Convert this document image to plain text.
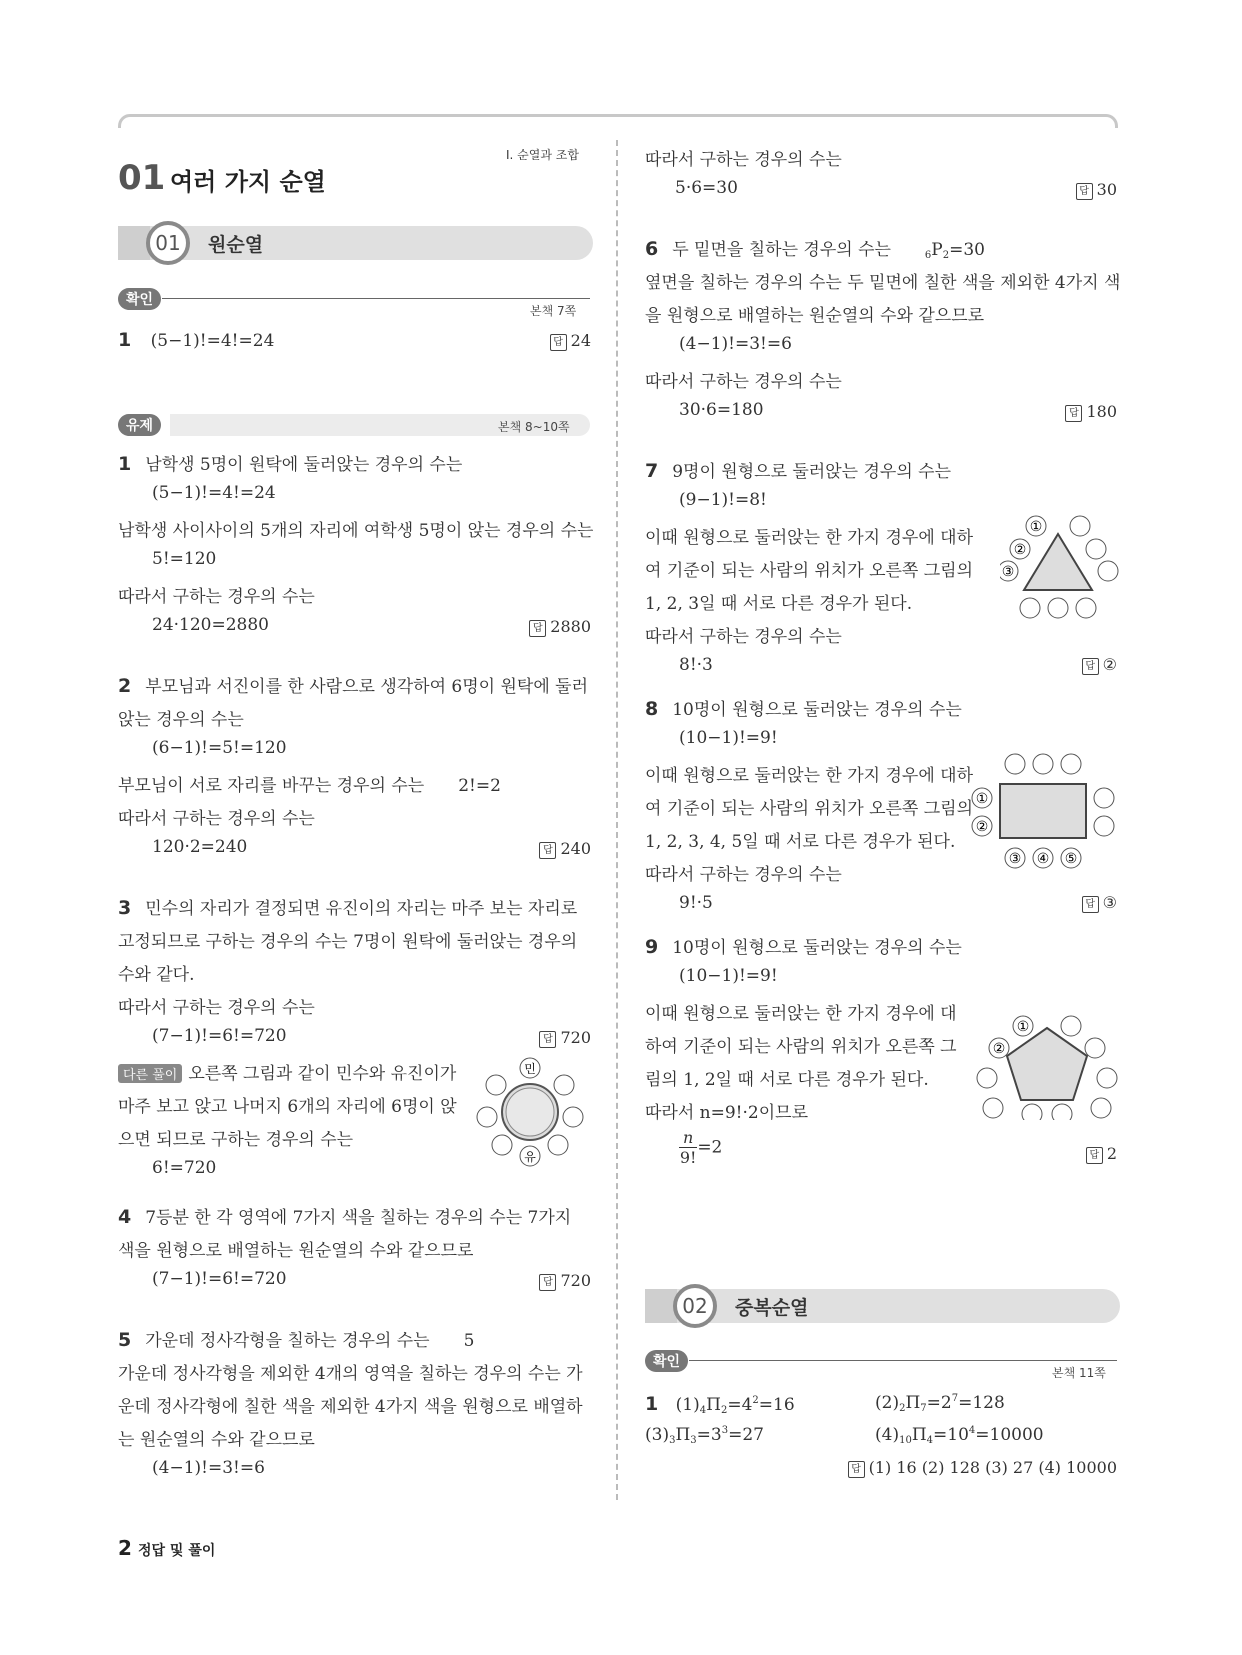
01 여러 가지 순열
I. 순열과 조합
01	원순열
확인
본책 7쪽
1 (5−1)!=4!=24	답 24
유제	본책 8~10쪽
1 남학생 5명이 원탁에 둘러앉는 경우의 수는
(5−1)!=4!=24
남학생 사이사이의 5개의 자리에 여학생 5명이 앉는 경우의 수는
5!=120
따라서 구하는 경우의 수는
24·120=2880	답 2880
2 부모님과 서진이를 한 사람으로 생각하여 6명이 원탁에 둘러
앉는 경우의 수는
(6−1)!=5!=120
부모님이 서로 자리를 바꾸는 경우의 수는 2!=2
따라서 구하는 경우의 수는
120·2=240	답 240
3 민수의 자리가 결정되면 유진이의 자리는 마주 보는 자리로
고정되므로 구하는 경우의 수는 7명이 원탁에 둘러앉는 경우의
수와 같다.
따라서 구하는 경우의 수는
(7−1)!=6!=720	답 720
다른 풀이 오른쪽 그림과 같이 민수와 유진이가
마주 보고 앉고 나머지 6개의 자리에 6명이 앉
으면 되므로 구하는 경우의 수는
6!=720
민
유
4 7등분 한 각 영역에 7가지 색을 칠하는 경우의 수는 7가지
색을 원형으로 배열하는 원순열의 수와 같으므로
(7−1)!=6!=720	답 720
5 가운데 정사각형을 칠하는 경우의 수는 5
가운데 정사각형을 제외한 4개의 영역을 칠하는 경우의 수는 가
운데 정사각형에 칠한 색을 제외한 4가지 색을 원형으로 배열하
는 원순열의 수와 같으므로
(4−1)!=3!=6
2 정답 및 풀이
따라서 구하는 경우의 수는
5·6=30	답 30
6 두 밑면을 칠하는 경우의 수는	$_6P_2=30$
옆면을 칠하는 경우의 수는 두 밑면에 칠한 색을 제외한 4가지 색
을 원형으로 배열하는 원순열의 수와 같으므로
(4−1)!=3!=6
따라서 구하는 경우의 수는
30·6=180	답 180
7 9명이 원형으로 둘러앉는 경우의 수는
(9−1)!=8!
이때 원형으로 둘러앉는 한 가지 경우에 대하
여 기준이 되는 사람의 위치가 오른쪽 그림의
1, 2, 3일 때 서로 다른 경우가 된다.
따라서 구하는 경우의 수는
8!·3	답 ②
①
②
③
8 10명이 원형으로 둘러앉는 경우의 수는
(10−1)!=9!
이때 원형으로 둘러앉는 한 가지 경우에 대하
여 기준이 되는 사람의 위치가 오른쪽 그림의
1, 2, 3, 4, 5일 때 서로 다른 경우가 된다.
따라서 구하는 경우의 수는
9!·5	답 ③
①
②
③ ④ ⑤
9 10명이 원형으로 둘러앉는 경우의 수는
(10−1)!=9!
이때 원형으로 둘러앉는 한 가지 경우에 대
하여 기준이 되는 사람의 위치가 오른쪽 그
림의 1, 2일 때 서로 다른 경우가 된다.
따라서 n=9!·2이므로
$\frac{n}{9!} =2$	답 2
①
②
02	중복순열
확인
본책 11쪽
1 $(1)_4\Pi_2=4^2=16$	$(2)_2\Pi_7=2^7=128$
$(3)_3\Pi_3=3^3=27$	$(4)_{10}\Pi_4=10^4=10000$
답 (1) 16 (2) 128 (3) 27 (4) 10000
